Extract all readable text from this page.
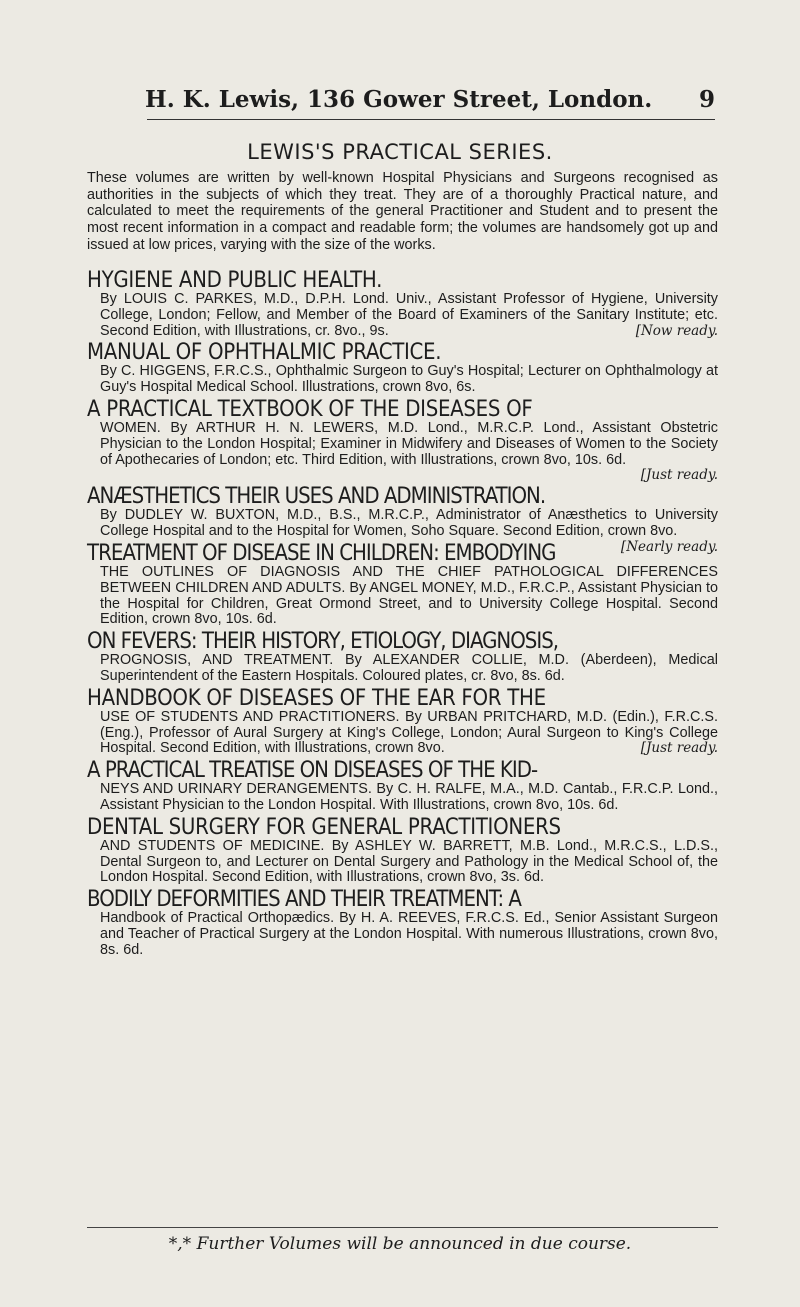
H. K. Lewis, 136 Gower Street, London. 9
LEWIS'S PRACTICAL SERIES.
These volumes are written by well-known Hospital Physicians and Surgeons recognised as authorities in the subjects of which they treat. They are of a thoroughly Practical nature, and calculated to meet the requirements of the general Practitioner and Student and to present the most recent information in a compact and readable form; the volumes are handsomely got up and issued at low prices, varying with the size of the works.
HYGIENE AND PUBLIC HEALTH.
By LOUIS C. PARKES, M.D., D.P.H. Lond. Univ., Assistant Professor of Hygiene, University College, London; Fellow, and Member of the Board of Examiners of the Sanitary Institute; etc. Second Edition, with Illustrations, cr. 8vo., 9s.	[Now ready.
MANUAL OF OPHTHALMIC PRACTICE.
By C. HIGGENS, F.R.C.S., Ophthalmic Surgeon to Guy's Hospital; Lecturer on Ophthalmology at Guy's Hospital Medical School. Illustrations, crown 8vo, 6s.
A PRACTICAL TEXTBOOK OF THE DISEASES OF
WOMEN. By ARTHUR H. N. LEWERS, M.D. Lond., M.R.C.P. Lond., Assistant Obstetric Physician to the London Hospital; Examiner in Midwifery and Diseases of Women to the Society of Apothecaries of London; etc. Third Edition, with Illustrations, crown 8vo, 10s. 6d.
[Just ready.
ANÆSTHETICS THEIR USES AND ADMINISTRATION.
By DUDLEY W. BUXTON, M.D., B.S., M.R.C.P., Administrator of Anæsthetics to University College Hospital and to the Hospital for Women, Soho Square. Second Edition, crown 8vo.
[Nearly ready.
TREATMENT OF DISEASE IN CHILDREN: EMBODYING
THE OUTLINES OF DIAGNOSIS AND THE CHIEF PATHOLOGICAL DIFFERENCES BETWEEN CHILDREN AND ADULTS. By ANGEL MONEY, M.D., F.R.C.P., Assistant Physician to the Hospital for Children, Great Ormond Street, and to University College Hospital. Second Edition, crown 8vo, 10s. 6d.
ON FEVERS: THEIR HISTORY, ETIOLOGY, DIAGNOSIS,
PROGNOSIS, AND TREATMENT. By ALEXANDER COLLIE, M.D. (Aberdeen), Medical Superintendent of the Eastern Hospitals. Coloured plates, cr. 8vo, 8s. 6d.
HANDBOOK OF DISEASES OF THE EAR FOR THE
USE OF STUDENTS AND PRACTITIONERS. By URBAN PRITCHARD, M.D. (Edin.), F.R.C.S. (Eng.), Professor of Aural Surgery at King's College, London; Aural Surgeon to King's College Hospital. Second Edition, with Illustrations, crown 8vo.	[Just ready.
A PRACTICAL TREATISE ON DISEASES OF THE KID-
NEYS AND URINARY DERANGEMENTS. By C. H. RALFE, M.A., M.D. Cantab., F.R.C.P. Lond., Assistant Physician to the London Hospital. With Illustrations, crown 8vo, 10s. 6d.
DENTAL SURGERY FOR GENERAL PRACTITIONERS
AND STUDENTS OF MEDICINE. By ASHLEY W. BARRETT, M.B. Lond., M.R.C.S., L.D.S., Dental Surgeon to, and Lecturer on Dental Surgery and Pathology in the Medical School of, the London Hospital. Second Edition, with Illustrations, crown 8vo, 3s. 6d.
BODILY DEFORMITIES AND THEIR TREATMENT: A
Handbook of Practical Orthopædics. By H. A. REEVES, F.R.C.S. Ed., Senior Assistant Surgeon and Teacher of Practical Surgery at the London Hospital. With numerous Illustrations, crown 8vo, 8s. 6d.
*,* Further Volumes will be announced in due course.
